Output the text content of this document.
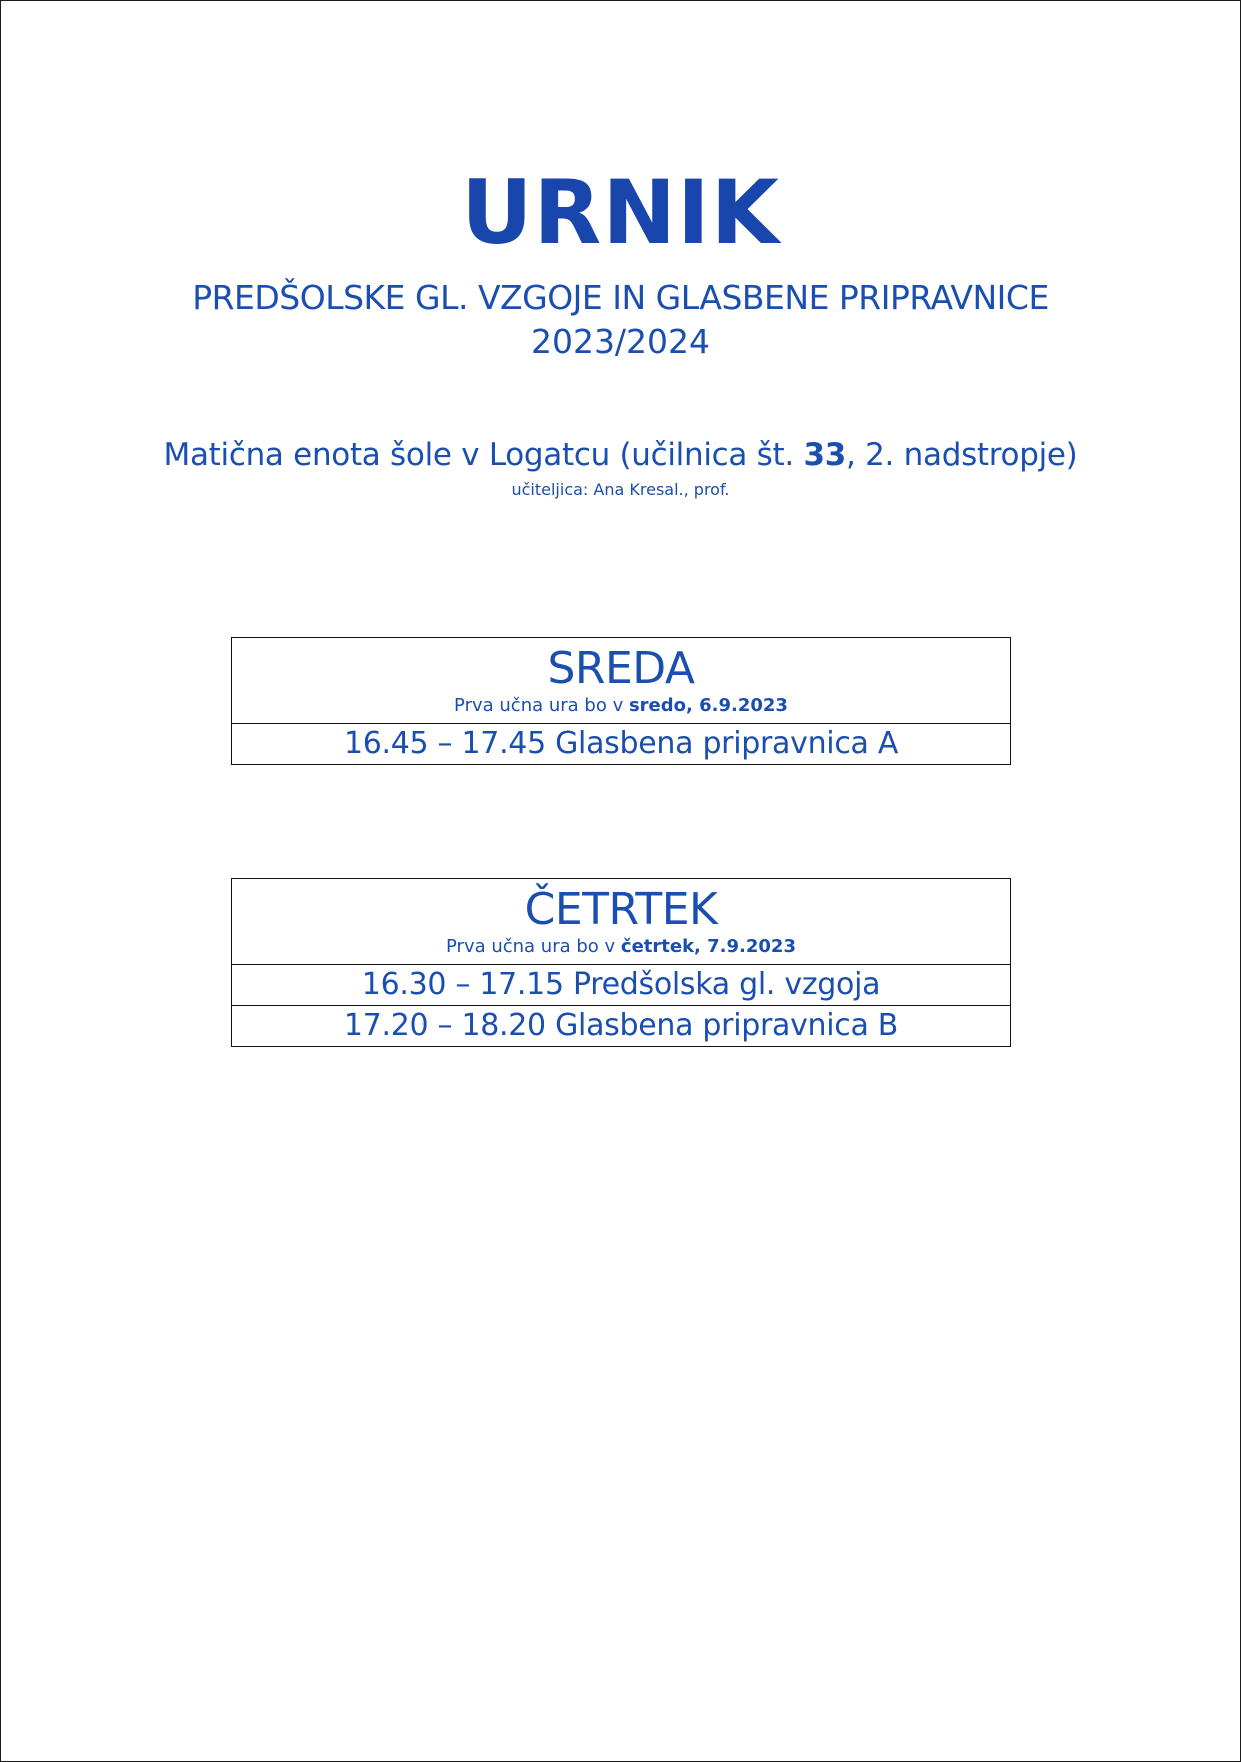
URNIK
PREDŠOLSKE GL. VZGOJE IN GLASBENE PRIPRAVNICE
2023/2024
Matična enota šole v Logatcu (učilnica št. 33, 2. nadstropje)
učiteljica: Ana Kresal., prof.
SREDA
Prva učna ura bo v sredo, 6.9.2023
16.45 – 17.45 Glasbena pripravnica A
ČETRTEK
Prva učna ura bo v četrtek, 7.9.2023
16.30 – 17.15 Predšolska gl. vzgoja
17.20 – 18.20 Glasbena pripravnica B
